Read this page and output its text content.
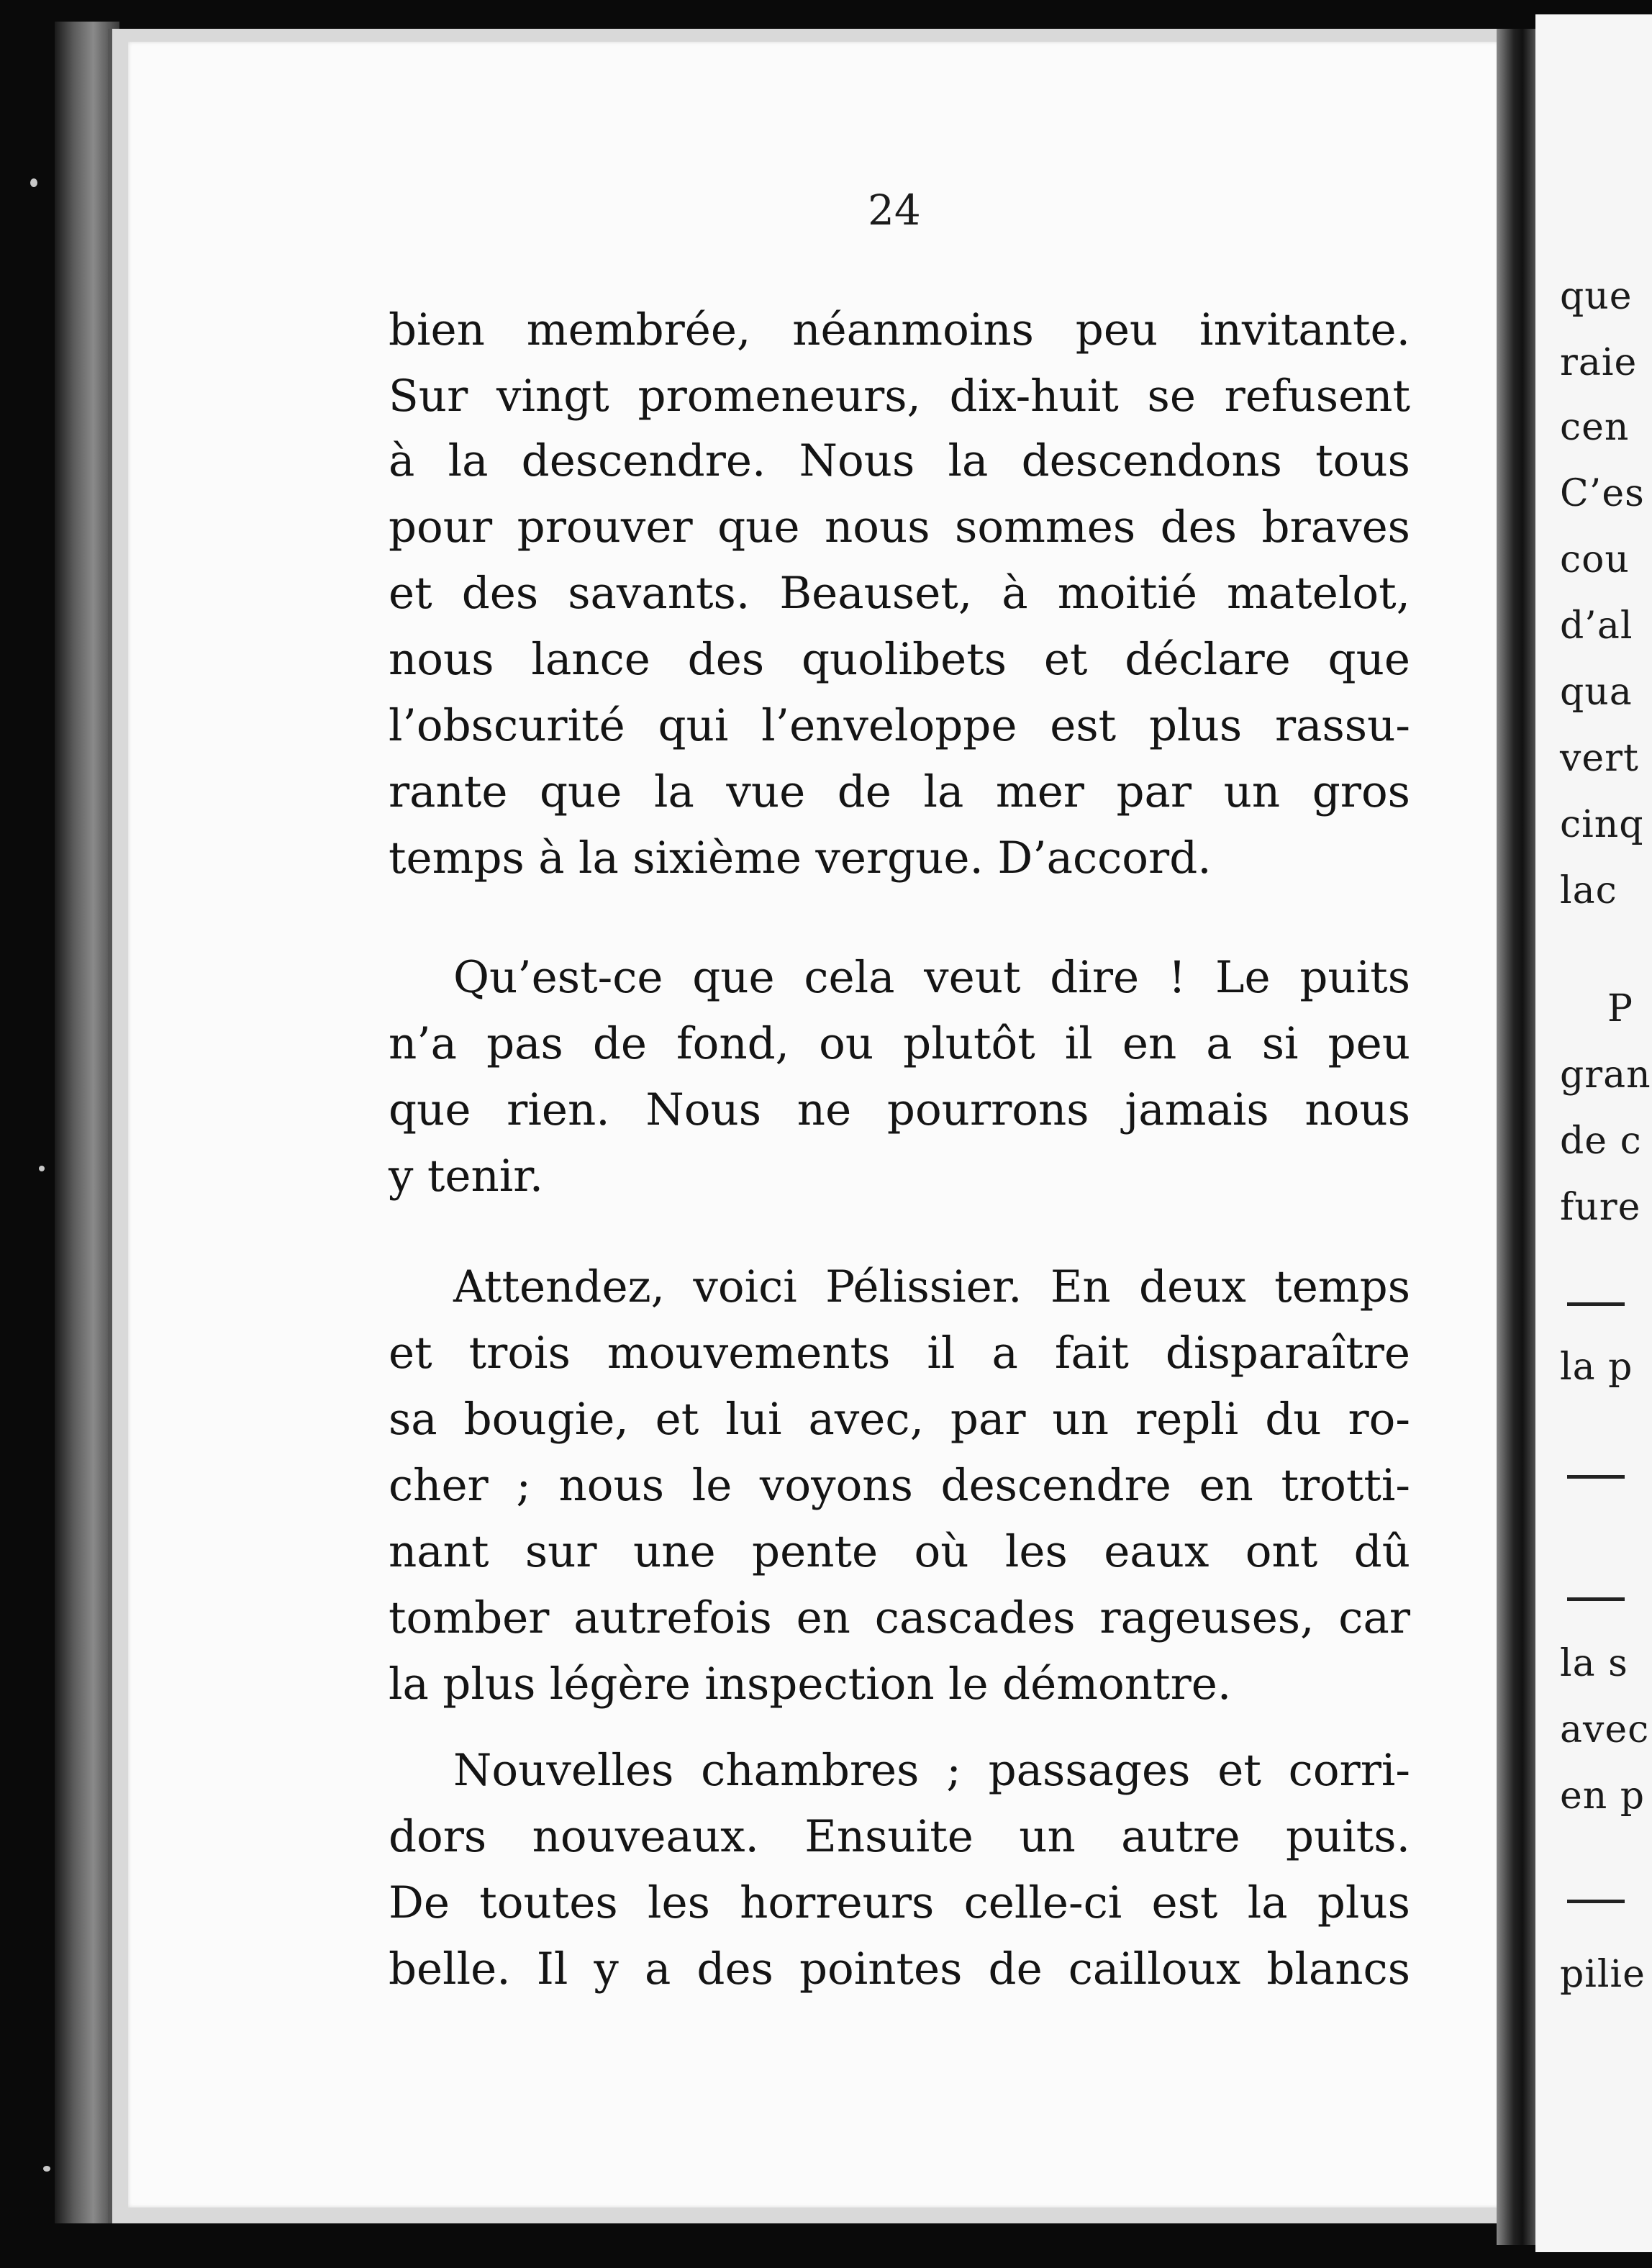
24
bien membrée, néanmoins peu invitante.
Sur vingt promeneurs, dix-huit se refusent
à la descendre. Nous la descendons tous
pour prouver que nous sommes des braves
et des savants. Beauset, à moitié matelot,
nous lance des quolibets et déclare que
l’obscurité qui l’enveloppe est plus rassu-
rante que la vue de la mer par un gros
temps à la sixième vergue. D’accord.
Qu’est-ce que cela veut dire ! Le puits
n’a pas de fond, ou plutôt il en a si peu
que rien. Nous ne pourrons jamais nous
y tenir.
Attendez, voici Pélissier. En deux temps
et trois mouvements il a fait disparaître
sa bougie, et lui avec, par un repli du ro-
cher ; nous le voyons descendre en trotti-
nant sur une pente où les eaux ont dû
tomber autrefois en cascades rageuses, car
la plus légère inspection le démontre.
Nouvelles chambres ; passages et corri-
dors nouveaux. Ensuite un autre puits.
De toutes les horreurs celle-ci est la plus
belle. Il y a des pointes de cailloux blancs
que
raie
cen
C’es
cou
d’al
qua
vert
cinq
lac
P
gran
de c
fure
la p
la s
avec
en p
pilie
